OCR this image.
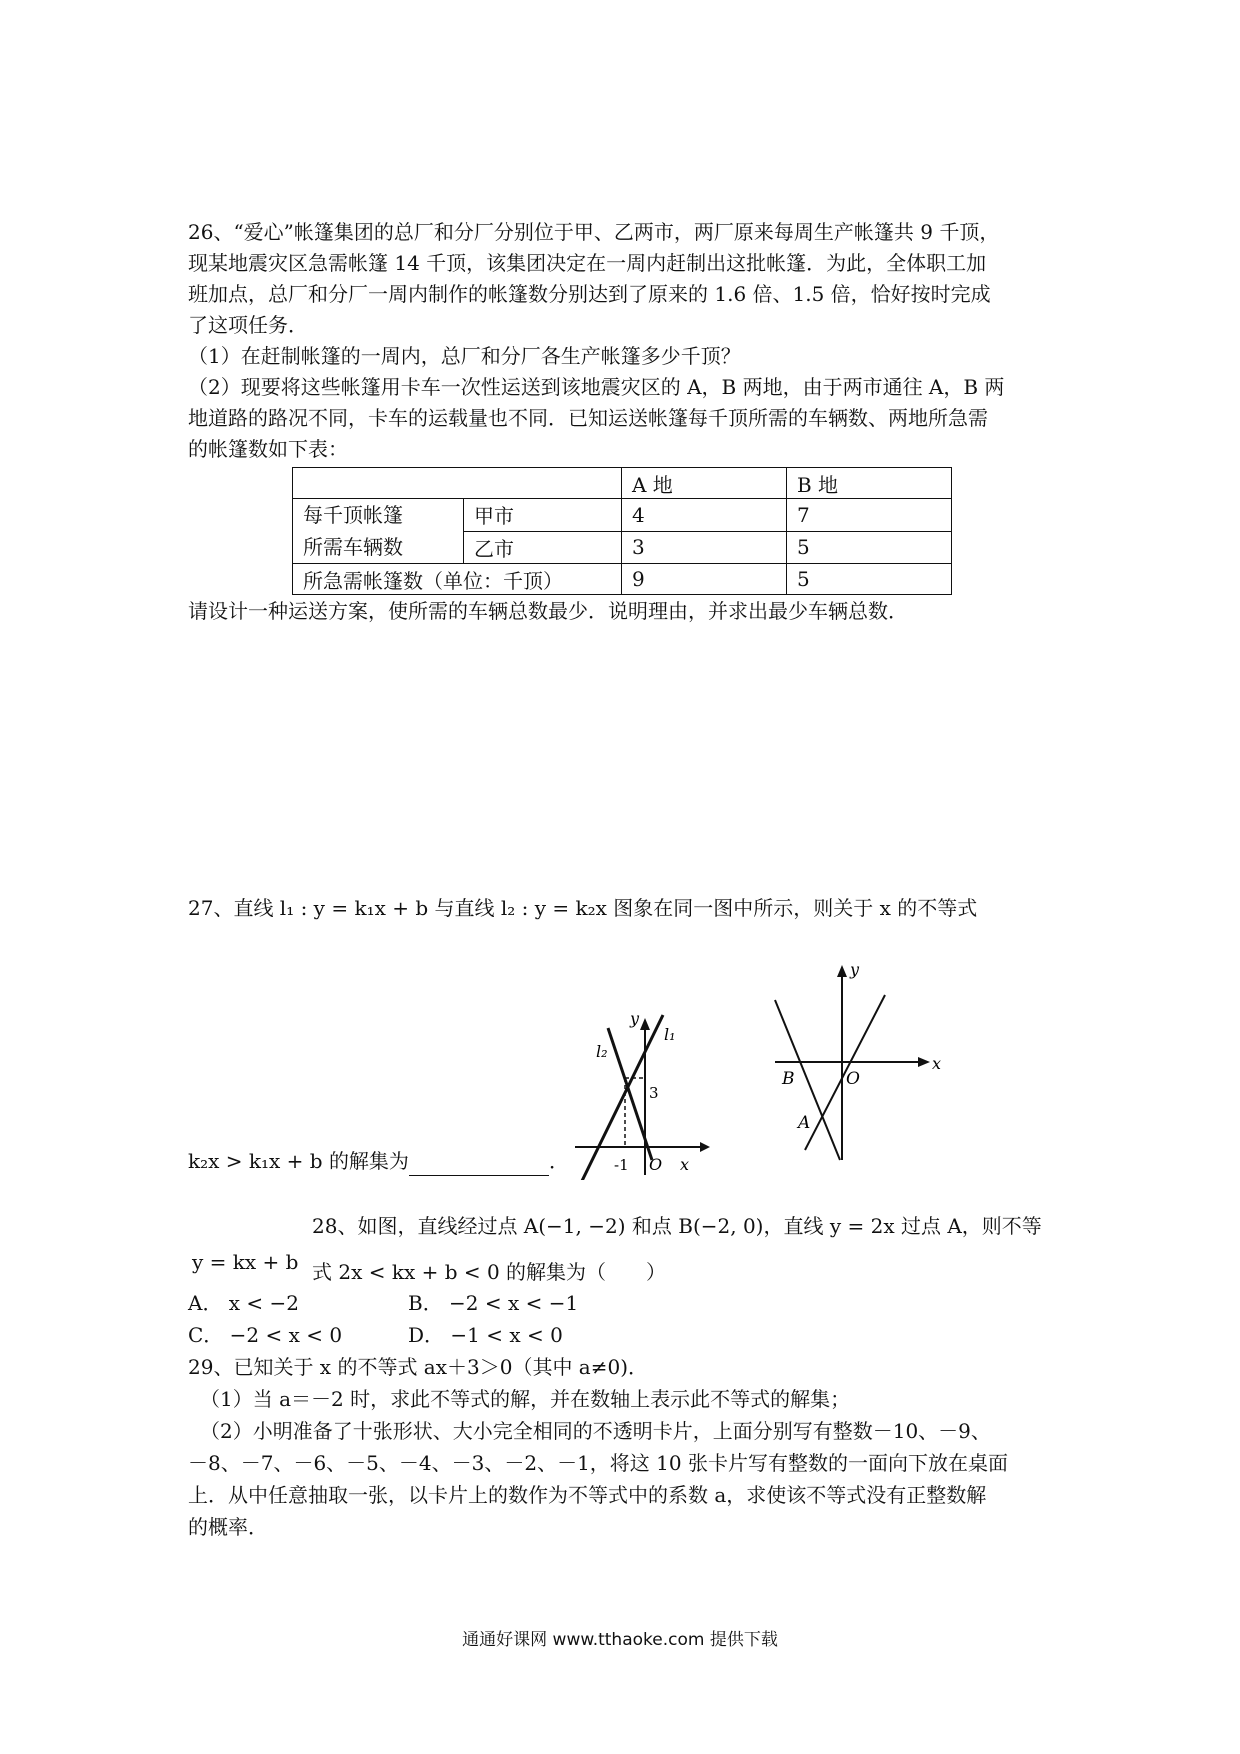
26、“爱心”帐篷集团的总厂和分厂分别位于甲、乙两市，两厂原来每周生产帐篷共 9 千顶，
现某地震灾区急需帐篷 14 千顶，该集团决定在一周内赶制出这批帐篷．为此，全体职工加
班加点，总厂和分厂一周内制作的帐篷数分别达到了原来的 1.6 倍、1.5 倍，恰好按时完成
了这项任务．
（1）在赶制帐篷的一周内，总厂和分厂各生产帐篷多少千顶？
（2）现要将这些帐篷用卡车一次性运送到该地震灾区的 A，B 两地，由于两市通往 A，B 两
地道路的路况不同，卡车的运载量也不同．已知运送帐篷每千顶所需的车辆数、两地所急需
的帐篷数如下表：
		A 地	B 地

每千顶帐篷
所需车辆数	甲市	4	7
	乙市	3	5
所急需帐篷数（单位：千顶）		9	5
请设计一种运送方案，使所需的车辆总数最少．说明理由，并求出最少车辆总数．
27、直线 l₁ : y = k₁x + b 与直线 l₂ : y = k₂x 图象在同一图中所示，则关于 x 的不等式
y
l₁
l₂
3
-1 O x
y
x
B	O
A
k₂x > k₁x + b 的解集为	．
28、如图，直线经过点 A(−1, −2) 和点 B(−2, 0)，直线 y = 2x 过点 A，则不等
y = kx + b 式 2x < kx + b < 0 的解集为（　　）
A． x < −2	B． −2 < x < −1
C． −2 < x < 0	D． −1 < x < 0
29、已知关于 x 的不等式 ax＋3＞0（其中 a≠0)．
（1）当 a＝－2 时，求此不等式的解，并在数轴上表示此不等式的解集；
（2）小明准备了十张形状、大小完全相同的不透明卡片，上面分别写有整数－10、－9、
－8、－7、－6、－5、－4、－3、－2、－1，将这 10 张卡片写有整数的一面向下放在桌面
上．从中任意抽取一张，以卡片上的数作为不等式中的系数 a，求使该不等式没有正整数解
的概率．
通通好课网 www.tthaoke.com 提供下载
